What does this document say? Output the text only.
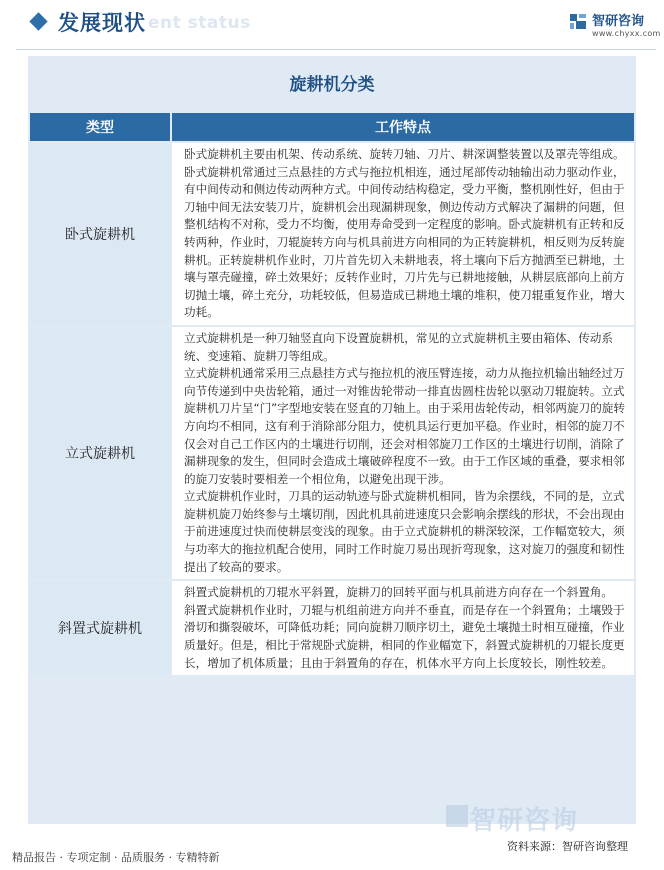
ent status
发展现状	智研咨询
www.chyxx.com
旋耕机分类
类型	工作特点
卧式旋耕机	卧式旋耕机主要由机架、传动系统、旋转刀轴、刀片、耕深调整装置以及罩壳等组成。

卧式旋耕机常通过三点悬挂的方式与拖拉机相连，通过尾部传动轴输出动力驱动作业，有中间传动和侧边传动两种方式。中间传动结构稳定，受力平衡，整机刚性好，但由于刀轴中间无法安装刀片，旋耕机会出现漏耕现象，侧边传动方式解决了漏耕的问题，但整机结构不对称，受力不均衡，使用寿命受到一定程度的影响。卧式旋耕机有正转和反转两种，作业时，刀辊旋转方向与机具前进方向相同的为正转旋耕机，相反则为反转旋耕机。正转旋耕机作业时，刀片首先切入未耕地表，将土壤向下后方抛洒至已耕地，土壤与罩壳碰撞，碎土效果好；反转作业时，刀片先与已耕地接触，从耕层底部向上前方切抛土壤，碎土充分，功耗较低，但易造成已耕地土壤的堆积，使刀辊重复作业，增大功耗。

立式旋耕机	立式旋耕机是一种刀轴竖直向下设置旋耕机，常见的立式旋耕机主要由箱体、传动系统、变速箱、旋耕刀等组成。

立式旋耕机通常采用三点悬挂方式与拖拉机的液压臂连接，动力从拖拉机输出轴经过万向节传递到中央齿轮箱，通过一对锥齿轮带动一排直齿圆柱齿轮以驱动刀辊旋转。立式旋耕机刀片呈“门”字型地安装在竖直的刀轴上。由于采用齿轮传动，相邻两旋刀的旋转方向均不相同，这有利于消除部分阻力，使机具运行更加平稳。作业时，相邻的旋刀不仅会对自己工作区内的土壤进行切削，还会对相邻旋刀工作区的土壤进行切削，消除了漏耕现象的发生，但同时会造成土壤破碎程度不一致。由于工作区域的重叠，要求相邻的旋刀安装时要相差一个相位角，以避免出现干涉。

立式旋耕机作业时，刀具的运动轨迹与卧式旋耕机相同，皆为余摆线，不同的是，立式旋耕机旋刀始终参与土壤切削，因此机具前进速度只会影响余摆线的形状，不会出现由于前进速度过快而使耕层变浅的现象。由于立式旋耕机的耕深较深，工作幅宽较大，须与功率大的拖拉机配合使用，同时工作时旋刀易出现折弯现象，这对旋刀的强度和韧性提出了较高的要求。

斜置式旋耕机	斜置式旋耕机的刀辊水平斜置，旋耕刀的回转平面与机具前进方向存在一个斜置角。

斜置式旋耕机作业时，刀辊与机组前进方向并不垂直，而是存在一个斜置角；土壤毁于滑切和撕裂破坏，可降低功耗；同向旋耕刀顺序切土，避免土壤抛土时相互碰撞，作业质量好。但是，相比于常规卧式旋耕，相同的作业幅宽下，斜置式旋耕机的刀辊长度更长，增加了机体质量；且由于斜置角的存在，机体水平方向上长度较长，刚性较差。

智研咨询
资料来源：智研咨询整理
精品报告 · 专项定制 · 品质服务 · 专精特新
